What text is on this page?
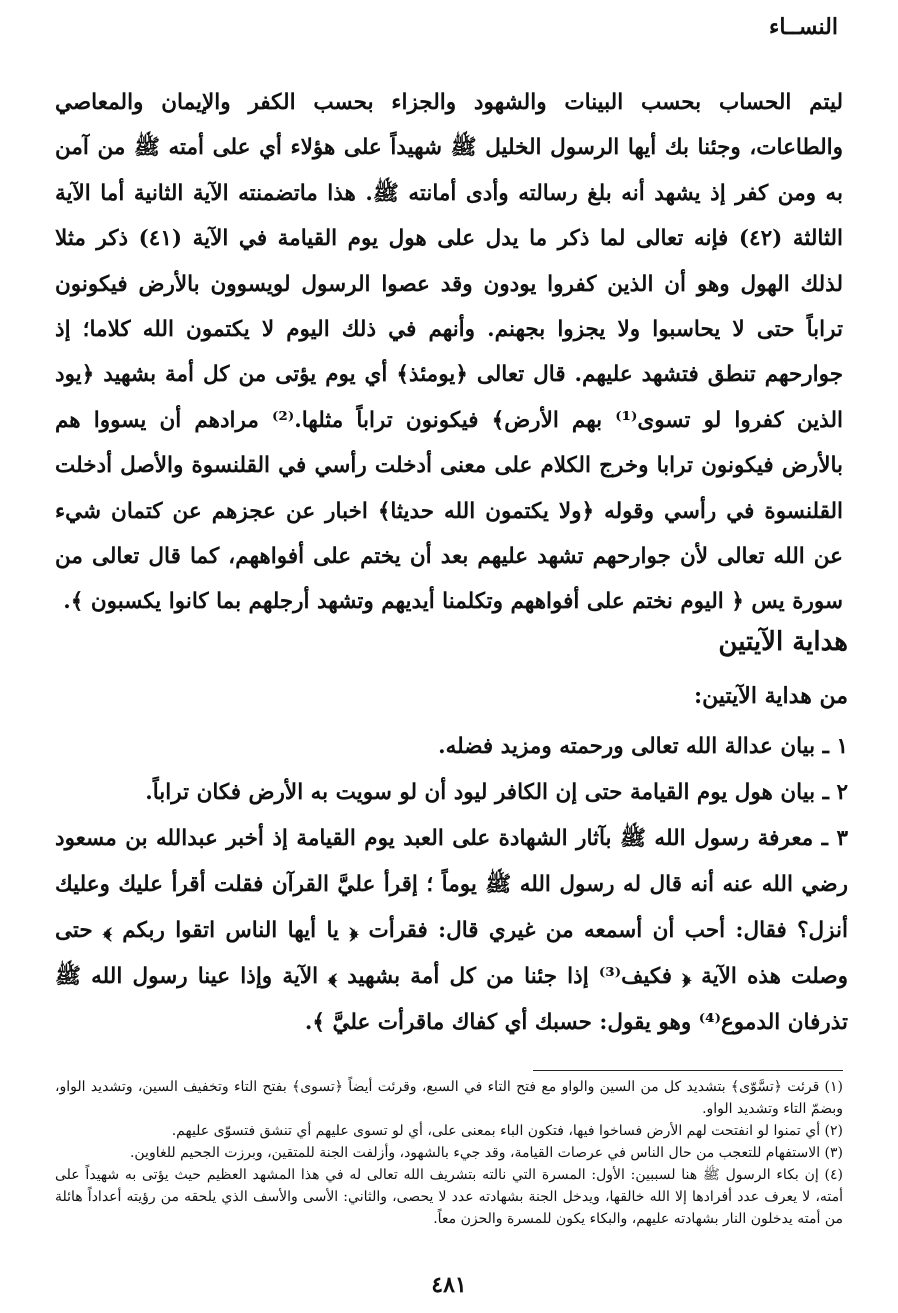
النســاء

ليتم الحساب بحسب البينات والشهود والجزاء بحسب الكفر والإيمان والمعاصي والطاعات، وجئنا بك أيها الرسول الخليل ﷺ شهيداً على هؤلاء أي على أمته ﷺ من آمن به ومن كفر إذ يشهد أنه بلغ رسالته وأدى أمانته ﷺ. هذا ماتضمنته الآية الثانية أما الآية الثالثة (٤٢) فإنه تعالى لما ذكر ما يدل على هول يوم القيامة في الآية (٤١) ذكر مثلا لذلك الهول وهو أن الذين كفروا يودون وقد عصوا الرسول لويسوون بالأرض فيكونون تراباً حتى لا يحاسبوا ولا يجزوا بجهنم. وأنهم في ذلك اليوم لا يكتمون الله كلاما؛ إذ جوارحهم تنطق فتشهد عليهم. قال تعالى ﴿يومئذ﴾ أي يوم يؤتى من كل أمة بشهيد ﴿يود الذين كفروا لو تسوى⁽¹⁾ بهم الأرض﴾ فيكونون تراباً مثلها.⁽²⁾ مرادهم أن يسووا هم بالأرض فيكونون ترابا وخرج الكلام على معنى أدخلت رأسي في القلنسوة والأصل أدخلت القلنسوة في رأسي وقوله ﴿ولا يكتمون الله حديثا﴾ اخبار عن عجزهم عن كتمان شيء عن الله تعالى لأن جوارحهم تشهد عليهم بعد أن يختم على أفواههم، كما قال تعالى من سورة يس ﴿ اليوم نختم على أفواههم وتكلمنا أيديهم وتشهد أرجلهم بما كانوا يكسبون ﴾.

هداية الآيتين
من هداية الآيتين:

١ ـ بيان عدالة الله تعالى ورحمته ومزيد فضله.

٢ ـ بيان هول يوم القيامة حتى إن الكافر ليود أن لو سويت به الأرض فكان تراباً.

٣ ـ معرفة رسول الله ﷺ بآثار الشهادة على العبد يوم القيامة إذ أخبر عبدالله بن مسعود رضي الله عنه أنه قال له رسول الله ﷺ يوماً ؛ إقرأ عليَّ القرآن فقلت أقرأ عليك وعليك أنزل؟ فقال: أحب أن أسمعه من غيري قال: فقرأت ﴿ يا أيها الناس اتقوا ربكم ﴾ حتى وصلت هذه الآية ﴿ فكيف⁽³⁾ إذا جئنا من كل أمة بشهيد ﴾ الآية وإذا عينا رسول الله ﷺ تذرفان الدموع⁽⁴⁾ وهو يقول: حسبك أي كفاك ماقرأت عليَّ ﴾.

(١) قرئت ﴿تسَّوّى﴾ بتشديد كل من السين والواو مع فتح التاء في السبع، وقرئت أيضاً ﴿تسوى﴾ بفتح التاء وتخفيف السين، وتشديد الواو، وبضمّ التاء وتشديد الواو.

(٢) أي تمنوا لو انفتحت لهم الأرض فساخوا فيها، فتكون الباء بمعنى على، أي لو تسوى عليهم أي تنشق فتسوّى عليهم.

(٣) الاستفهام للتعجب من حال الناس في عرصات القيامة، وقد جيء بالشهود، وأزلفت الجنة للمتقين، وبرزت الجحيم للغاوين.

(٤) إن بكاء الرسول ﷺ هنا لسببين: الأول: المسرة التي نالته بتشريف الله تعالى له في هذا المشهد العظيم حيث يؤتى به شهيداً على أمته، لا يعرف عدد أفرادها إلا الله خالقها، ويدخل الجنة بشهادته عدد لا يحصى، والثاني: الأسى والأسف الذي يلحقه من رؤيته أعداداً هائلة من أمته يدخلون النار بشهادته عليهم، والبكاء يكون للمسرة والحزن معاً.

٤٨١
